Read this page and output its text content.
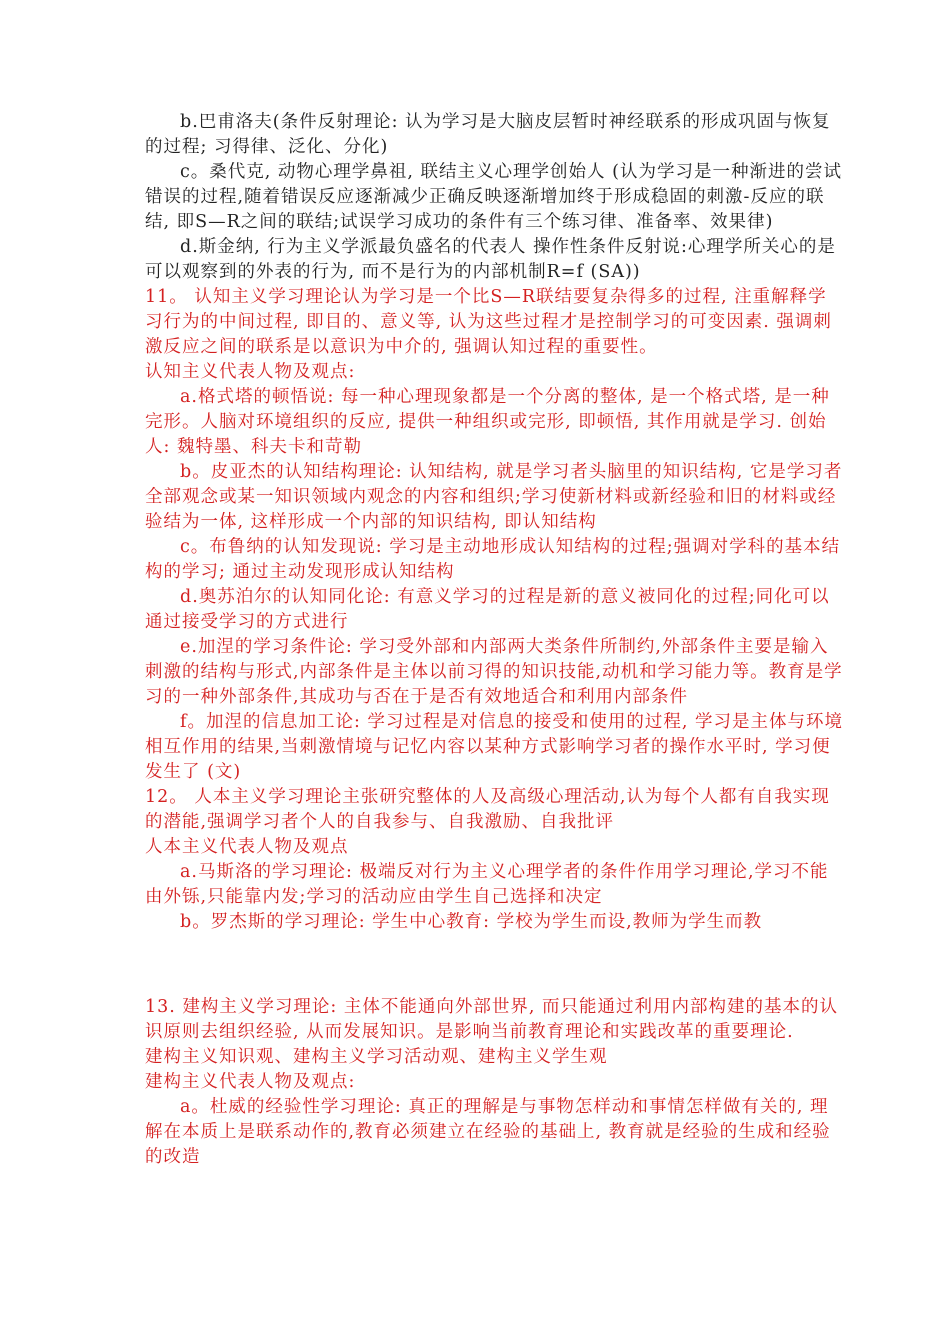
b.巴甫洛夫(条件反射理论: 认为学习是大脑皮层暂时神经联系的形成巩固与恢复的过程; 习得律、泛化、分化)

c。桑代克, 动物心理学鼻祖, 联结主义心理学创始人 (认为学习是一种渐进的尝试错误的过程,随着错误反应逐渐减少正确反映逐渐增加终于形成稳固的刺激-反应的联结, 即S—R之间的联结;试误学习成功的条件有三个练习律、准备率、效果律)

d.斯金纳, 行为主义学派最负盛名的代表人 操作性条件反射说:心理学所关心的是可以观察到的外表的行为, 而不是行为的内部机制R=f (SA))

11。 认知主义学习理论认为学习是一个比S—R联结要复杂得多的过程, 注重解释学习行为的中间过程, 即目的、意义等, 认为这些过程才是控制学习的可变因素. 强调刺激反应之间的联系是以意识为中介的, 强调认知过程的重要性。

认知主义代表人物及观点:

a.格式塔的顿悟说: 每一种心理现象都是一个分离的整体, 是一个格式塔, 是一种完形。人脑对环境组织的反应, 提供一种组织或完形, 即顿悟, 其作用就是学习. 创始人: 魏特墨、科夫卡和苛勒

b。皮亚杰的认知结构理论: 认知结构, 就是学习者头脑里的知识结构, 它是学习者全部观念或某一知识领域内观念的内容和组织;学习使新材料或新经验和旧的材料或经验结为一体, 这样形成一个内部的知识结构, 即认知结构

c。布鲁纳的认知发现说: 学习是主动地形成认知结构的过程;强调对学科的基本结构的学习; 通过主动发现形成认知结构

d.奥苏泊尔的认知同化论: 有意义学习的过程是新的意义被同化的过程;同化可以通过接受学习的方式进行

e.加涅的学习条件论: 学习受外部和内部两大类条件所制约,外部条件主要是输入刺激的结构与形式,内部条件是主体以前习得的知识技能,动机和学习能力等。教育是学习的一种外部条件,其成功与否在于是否有效地适合和利用内部条件

f。加涅的信息加工论: 学习过程是对信息的接受和使用的过程, 学习是主体与环境相互作用的结果,当刺激情境与记忆内容以某种方式影响学习者的操作水平时, 学习便发生了 (文)

12。 人本主义学习理论主张研究整体的人及高级心理活动,认为每个人都有自我实现的潜能,强调学习者个人的自我参与、自我激励、自我批评

人本主义代表人物及观点

a.马斯洛的学习理论: 极端反对行为主义心理学者的条件作用学习理论,学习不能由外铄,只能靠内发;学习的活动应由学生自己选择和决定

b。罗杰斯的学习理论: 学生中心教育: 学校为学生而设,教师为学生而教

13. 建构主义学习理论: 主体不能通向外部世界, 而只能通过利用内部构建的基本的认识原则去组织经验, 从而发展知识。是影响当前教育理论和实践改革的重要理论.

建构主义知识观、建构主义学习活动观、建构主义学生观

建构主义代表人物及观点:

a。杜威的经验性学习理论: 真正的理解是与事物怎样动和事情怎样做有关的, 理解在本质上是联系动作的,教育必须建立在经验的基础上, 教育就是经验的生成和经验的改造
